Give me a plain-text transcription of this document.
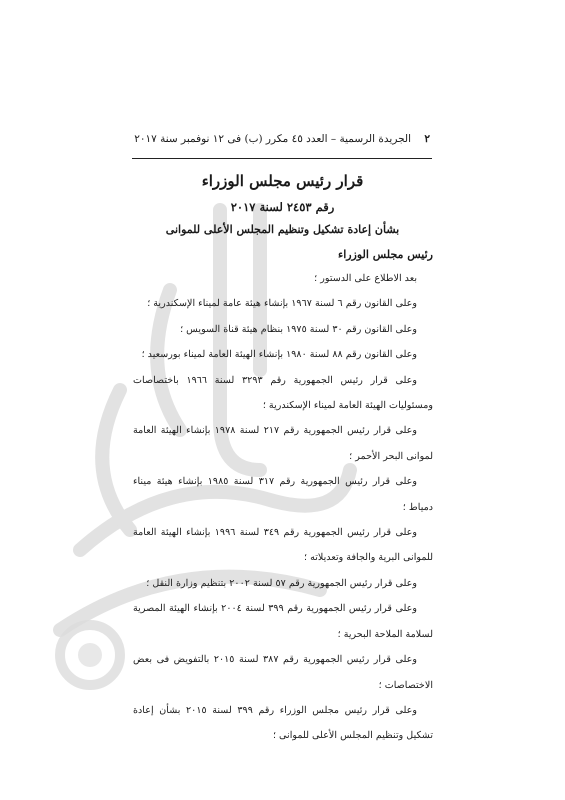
٢ الجريدة الرسمية – العدد ٤٥ مكرر (ب) فى ١٢ نوفمبر سنة ٢٠١٧
قرار رئيس مجلس الوزراء
رقم ٢٤٥٣ لسنة ٢٠١٧
بشأن إعادة تشكيل وتنظيم المجلس الأعلى للموانى
رئيس مجلس الوزراء
بعد الاطلاع على الدستور ؛
وعلى القانون رقم ٦ لسنة ١٩٦٧ بإنشاء هيئة عامة لميناء الإسكندرية ؛
وعلى القانون رقم ٣٠ لسنة ١٩٧٥ بنظام هيئة قناة السويس ؛
وعلى القانون رقم ٨٨ لسنة ١٩٨٠ بإنشاء الهيئة العامة لميناء بورسعيد ؛
وعلى قرار رئيس الجمهورية رقم ٣٢٩٣ لسنة ١٩٦٦ باختصاصات ومسئوليات الهيئة العامة لميناء الإسكندرية ؛
وعلى قرار رئيس الجمهورية رقم ٢١٧ لسنة ١٩٧٨ بإنشاء الهيئة العامة لموانى البحر الأحمر ؛
وعلى قرار رئيس الجمهورية رقم ٣١٧ لسنة ١٩٨٥ بإنشاء هيئة ميناء دمياط ؛
وعلى قرار رئيس الجمهورية رقم ٣٤٩ لسنة ١٩٩٦ بإنشاء الهيئة العامة للموانى البرية والجافة وتعديلاته ؛
وعلى قرار رئيس الجمهورية رقم ٥٧ لسنة ٢٠٠٢ بتنظيم وزارة النقل ؛
وعلى قرار رئيس الجمهورية رقم ٣٩٩ لسنة ٢٠٠٤ بإنشاء الهيئة المصرية لسلامة الملاحة البحرية ؛
وعلى قرار رئيس الجمهورية رقم ٣٨٧ لسنة ٢٠١٥ بالتفويض فى بعض الاختصاصات ؛
وعلى قرار رئيس مجلس الوزراء رقم ٣٩٩ لسنة ٢٠١٥ بشأن إعادة تشكيل وتنظيم المجلس الأعلى للموانى ؛
